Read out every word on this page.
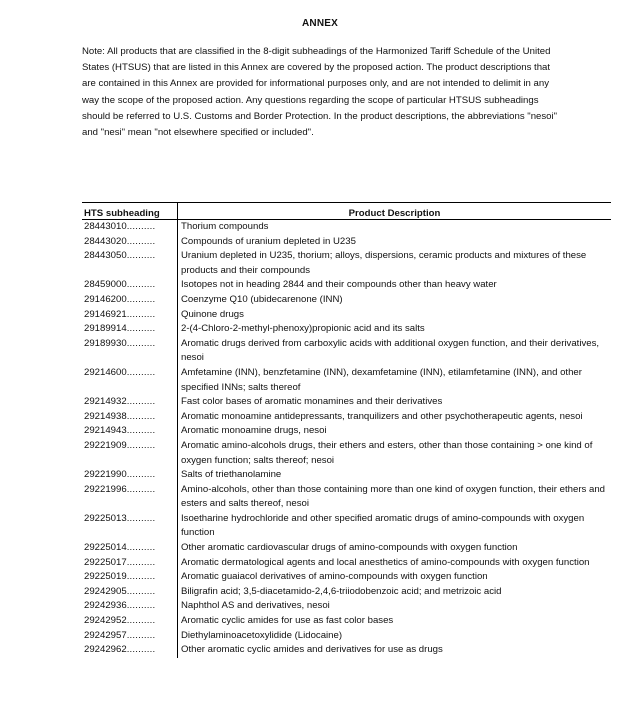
ANNEX

Note: All products that are classified in the 8-digit subheadings of the Harmonized Tariff Schedule of the United States (HTSUS) that are listed in this Annex are covered by the proposed action. The product descriptions that are contained in this Annex are provided for informational purposes only, and are not intended to delimit in any way the scope of the proposed action. Any questions regarding the scope of particular HTSUS subheadings should be referred to U.S. Customs and Border Protection. In the product descriptions, the abbreviations "nesoi" and "nesi" mean "not elsewhere specified or included".

HTS subheading	Product Description
28443010..........	Thorium compounds
28443020..........	Compounds of uranium depleted in U235
28443050..........	Uranium depleted in U235, thorium; alloys, dispersions, ceramic products and mixtures of these products and their compounds
28459000..........	Isotopes not in heading 2844 and their compounds other than heavy water
29146200..........	Coenzyme Q10 (ubidecarenone (INN)
29146921..........	Quinone drugs
29189914..........	2-(4-Chloro-2-methyl-phenoxy)propionic acid and its salts
29189930..........	Aromatic drugs derived from carboxylic acids with additional oxygen function, and their derivatives, nesoi
29214600..........	Amfetamine (INN), benzfetamine (INN), dexamfetamine (INN), etilamfetamine (INN), and other specified INNs; salts thereof
29214932..........	Fast color bases of aromatic monamines and their derivatives
29214938..........	Aromatic monoamine antidepressants, tranquilizers and other psychotherapeutic agents, nesoi
29214943..........	Aromatic monoamine drugs, nesoi
29221909..........	Aromatic amino-alcohols drugs, their ethers and esters, other than those containing > one kind of oxygen function; salts thereof; nesoi
29221990..........	Salts of triethanolamine
29221996..........	Amino-alcohols, other than those containing more than one kind of oxygen function, their ethers and esters and salts thereof, nesoi
29225013..........	Isoetharine hydrochloride and other specified aromatic drugs of amino-compounds with oxygen function
29225014..........	Other aromatic cardiovascular drugs of amino-compounds with oxygen function
29225017..........	Aromatic dermatological agents and local anesthetics of amino-compounds with oxygen function
29225019..........	Aromatic guaiacol derivatives of amino-compounds with oxygen function
29242905..........	Biligrafin acid; 3,5-diacetamido-2,4,6-triiodobenzoic acid; and metrizoic acid
29242936..........	Naphthol AS and derivatives, nesoi
29242952..........	Aromatic cyclic amides for use as fast color bases
29242957..........	Diethylaminoacetoxylidide (Lidocaine)
29242962..........	Other aromatic cyclic amides and derivatives for use as drugs
